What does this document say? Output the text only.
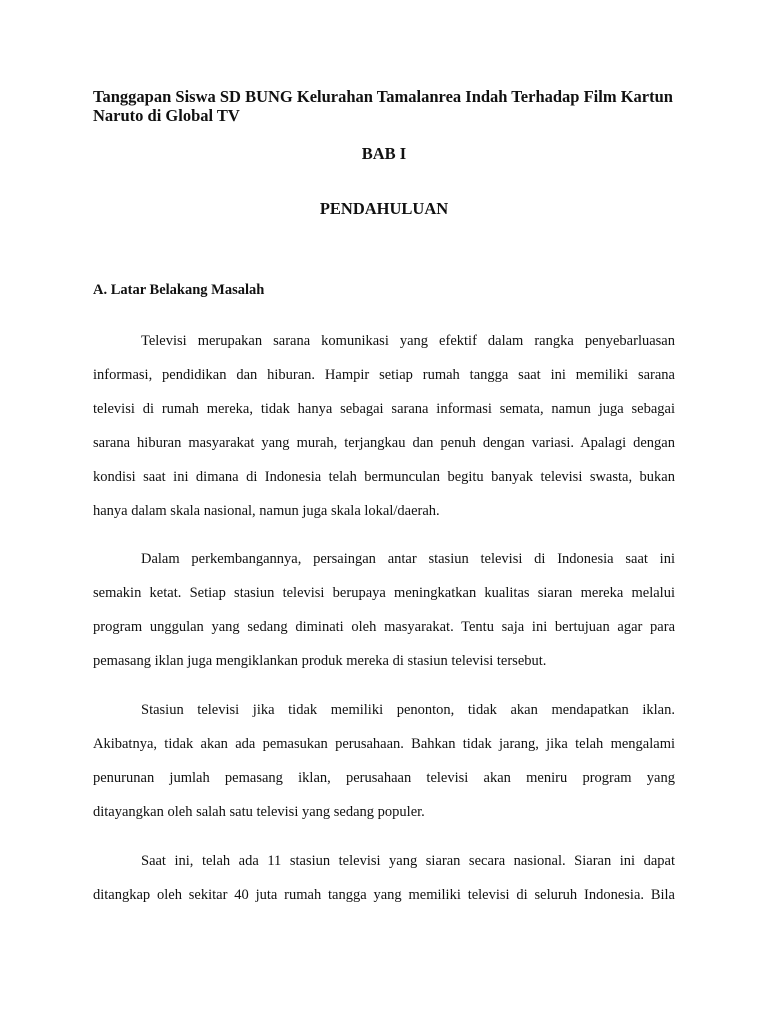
Tanggapan Siswa SD BUNG Kelurahan Tamalanrea Indah Terhadap Film Kartun Naruto di Global TV

BAB I

PENDAHULUAN

A. Latar Belakang Masalah

Televisi merupakan sarana komunikasi yang efektif dalam rangka penyebarluasan
informasi, pendidikan dan hiburan. Hampir setiap rumah tangga saat ini memiliki sarana
televisi di rumah mereka, tidak hanya sebagai sarana informasi semata, namun juga sebagai
sarana hiburan masyarakat yang murah, terjangkau dan penuh dengan variasi. Apalagi dengan
kondisi saat ini dimana di Indonesia telah bermunculan begitu banyak televisi swasta, bukan
hanya dalam skala nasional, namun juga skala lokal/daerah.
Dalam perkembangannya, persaingan antar stasiun televisi di Indonesia saat ini
semakin ketat. Setiap stasiun televisi berupaya meningkatkan kualitas siaran mereka melalui
program unggulan yang sedang diminati oleh masyarakat. Tentu saja ini bertujuan agar para
pemasang iklan juga mengiklankan produk mereka di stasiun televisi tersebut.
Stasiun televisi jika tidak memiliki penonton, tidak akan mendapatkan iklan.
Akibatnya, tidak akan ada pemasukan perusahaan. Bahkan tidak jarang, jika telah mengalami
penurunan jumlah pemasang iklan, perusahaan televisi akan meniru program yang
ditayangkan oleh salah satu televisi yang sedang populer.
Saat ini, telah ada 11 stasiun televisi yang siaran secara nasional. Siaran ini dapat
ditangkap oleh sekitar 40 juta rumah tangga yang memiliki televisi di seluruh Indonesia. Bila
